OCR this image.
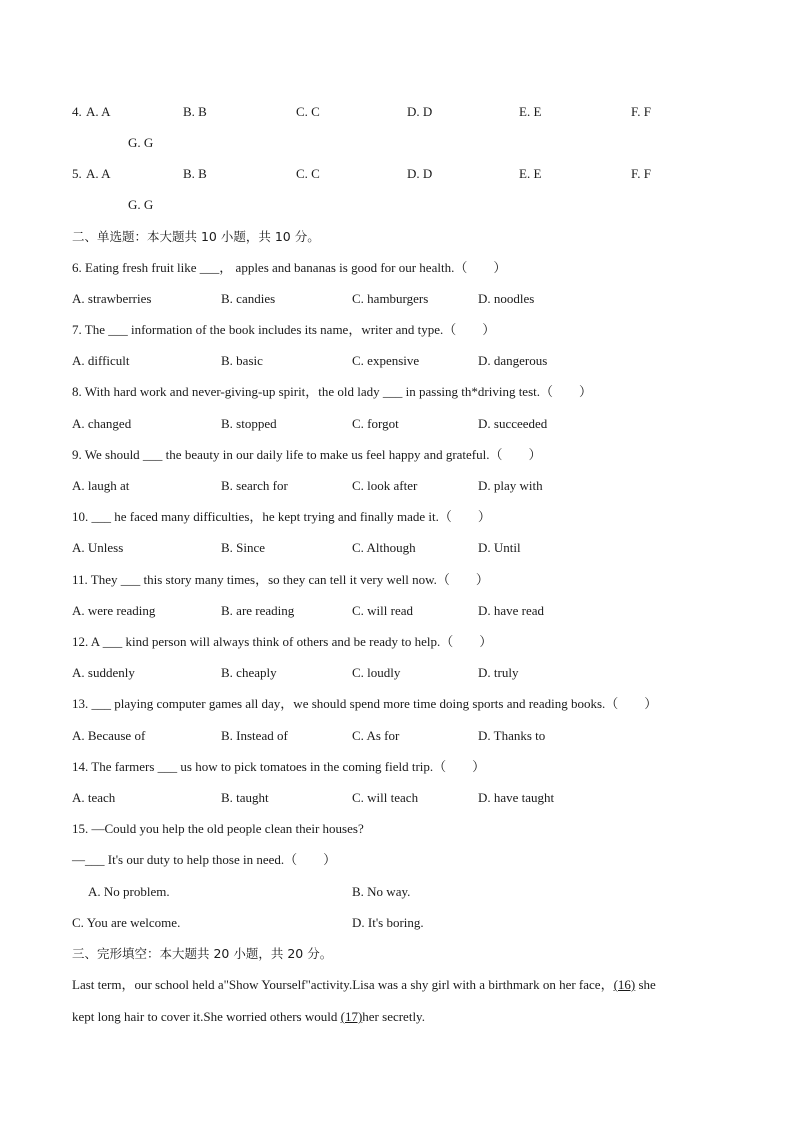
4. A. A	B. B	C. C	D. D	E. E	F. F
G. G
5. A. A	B. B	C. C	D. D	E. E	F. F
G. G
二、单选题：本大题共 10 小题，共 10 分。
6. Eating fresh fruit like ___， apples and bananas is good for our health.（　　）
A. strawberries	B. candies	C. hamburgers	D. noodles
7. The ___ information of the book includes its name，writer and type.（　　）
A. difficult	B. basic	C. expensive	D. dangerous
8. With hard work and never-giving-up spirit，the old lady ___ in passing th*driving test.（　　）
A. changed	B. stopped	C. forgot	D. succeeded
9. We should ___ the beauty in our daily life to make us feel happy and grateful.（　　）
A. laugh at	B. search for	C. look after	D. play with
10. ___ he faced many difficulties，he kept trying and finally made it.（　　）
A. Unless	B. Since	C. Although	D. Until
11. They ___ this story many times，so they can tell it very well now.（　　）
A. were reading	B. are reading	C. will read	D. have read
12. A ___ kind person will always think of others and be ready to help.（　　）
A. suddenly	B. cheaply	C. loudly	D. truly
13. ___ playing computer games all day，we should spend more time doing sports and reading books.（　　）
A. Because of	B. Instead of	C. As for	D. Thanks to
14. The farmers ___ us how to pick tomatoes in the coming field trip.（　　）
A. teach	B. taught	C. will teach	D. have taught
15. —Could you help the old people clean their houses?
—___ It's our duty to help those in need.（　　）
A. No problem.	B. No way.
C. You are welcome.	D. It's boring.
三、完形填空：本大题共 20 小题，共 20 分。
Last term，our school held a"Show Yourself"activity.Lisa was a shy girl with a birthmark on her face，(16) she
kept long hair to cover it.She worried others would (17)her secretly.
